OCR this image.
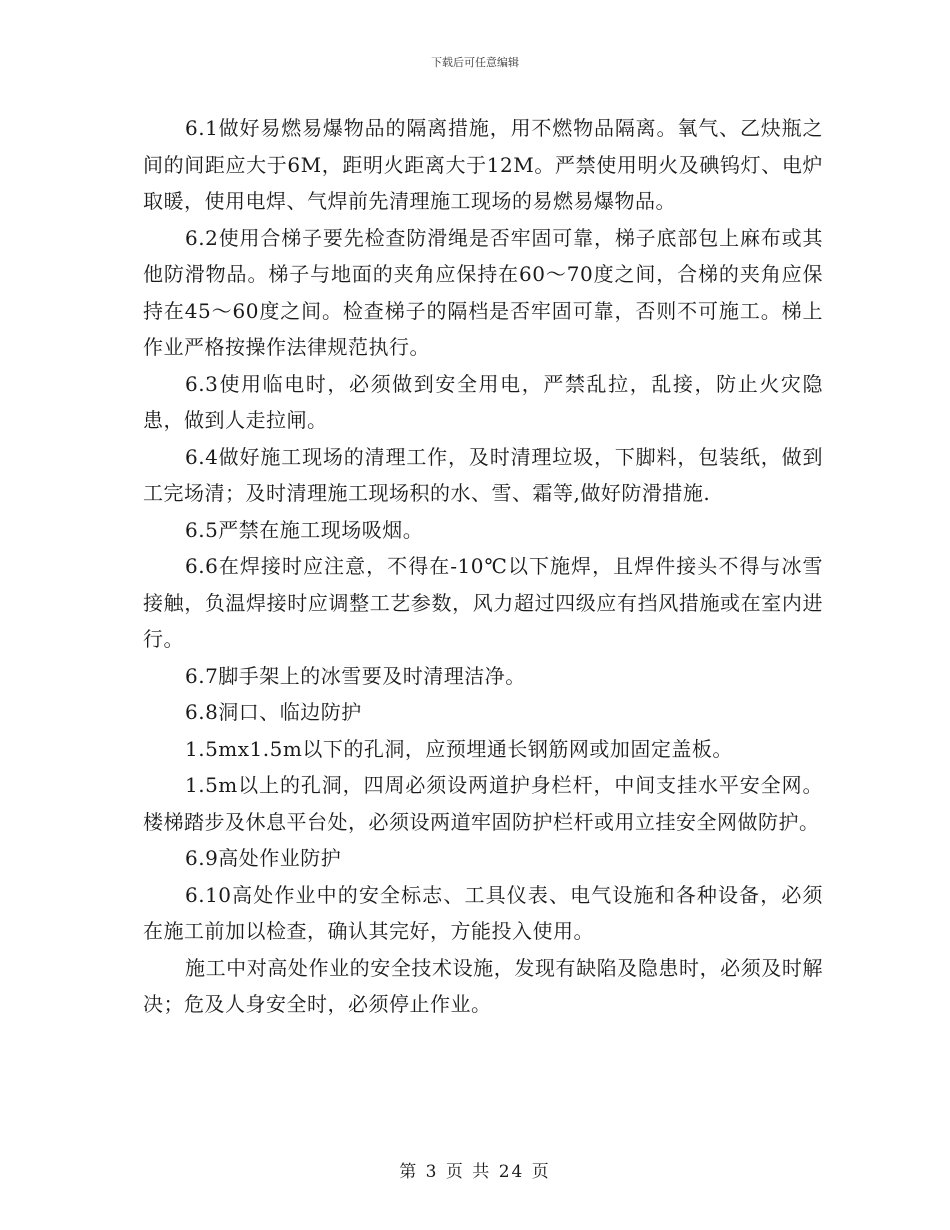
下载后可任意编辑

6.1做好易燃易爆物品的隔离措施，用不燃物品隔离。氧气、乙炔瓶之间的间距应大于6M，距明火距离大于12M。严禁使用明火及碘钨灯、电炉取暖，使用电焊、气焊前先清理施工现场的易燃易爆物品。

6.2使用合梯子要先检查防滑绳是否牢固可靠，梯子底部包上麻布或其他防滑物品。梯子与地面的夹角应保持在60～70度之间，合梯的夹角应保持在45～60度之间。检查梯子的隔档是否牢固可靠，否则不可施工。梯上作业严格按操作法律规范执行。

6.3使用临电时，必须做到安全用电，严禁乱拉，乱接，防止火灾隐患，做到人走拉闸。

6.4做好施工现场的清理工作，及时清理垃圾，下脚料，包装纸，做到工完场清；及时清理施工现场积的水、雪、霜等,做好防滑措施.

6.5严禁在施工现场吸烟。

6.6在焊接时应注意，不得在-10℃以下施焊，且焊件接头不得与冰雪接触，负温焊接时应调整工艺参数，风力超过四级应有挡风措施或在室内进行。

6.7脚手架上的冰雪要及时清理洁净。

6.8洞口、临边防护

1.5mx1.5m以下的孔洞，应预埋通长钢筋网或加固定盖板。

1.5m以上的孔洞，四周必须设两道护身栏杆，中间支挂水平安全网。楼梯踏步及休息平台处，必须设两道牢固防护栏杆或用立挂安全网做防护。

6.9高处作业防护

6.10高处作业中的安全标志、工具仪表、电气设施和各种设备，必须在施工前加以检查，确认其完好，方能投入使用。

施工中对高处作业的安全技术设施，发现有缺陷及隐患时，必须及时解决；危及人身安全时，必须停止作业。

第 3 页 共 24 页
